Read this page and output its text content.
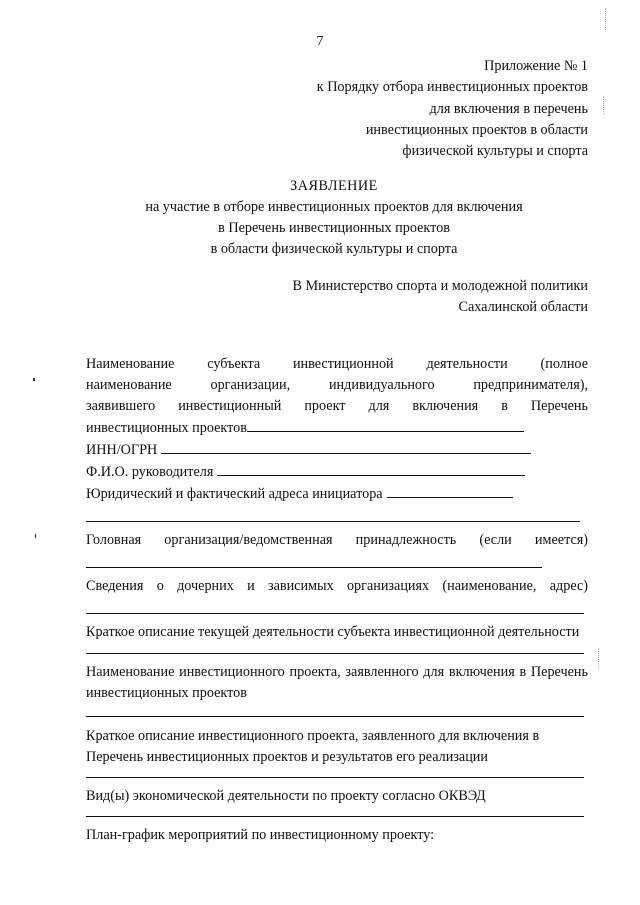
7
Приложение № 1
к Порядку отбора инвестиционных проектов
для включения в перечень
инвестиционных проектов в области
физической культуры и спорта
ЗАЯВЛЕНИЕ
на участие в отборе инвестиционных проектов для включения
в Перечень инвестиционных проектов
в области физической культуры и спорта
В Министерство спорта и молодежной политики
Сахалинской области
Наименование субъекта инвестиционной деятельности (полное
наименование организации, индивидуального предпринимателя),
заявившего инвестиционный проект для включения в Перечень
инвестиционных проектов
ИНН/ОГРН
Ф.И.О. руководителя
Юридический и фактический адреса инициатора
Головная организация/ведомственная принадлежность (если имеется)
Сведения о дочерних и зависимых организациях (наименование, адрес)
Краткое описание текущей деятельности субъекта инвестиционной деятельности
Наименование инвестиционного проекта, заявленного для включения в Перечень инвестиционных проектов
Краткое описание инвестиционного проекта, заявленного для включения в Перечень инвестиционных проектов и результатов его реализации
Вид(ы) экономической деятельности по проекту согласно ОКВЭД
План-график мероприятий по инвестиционному проекту:
